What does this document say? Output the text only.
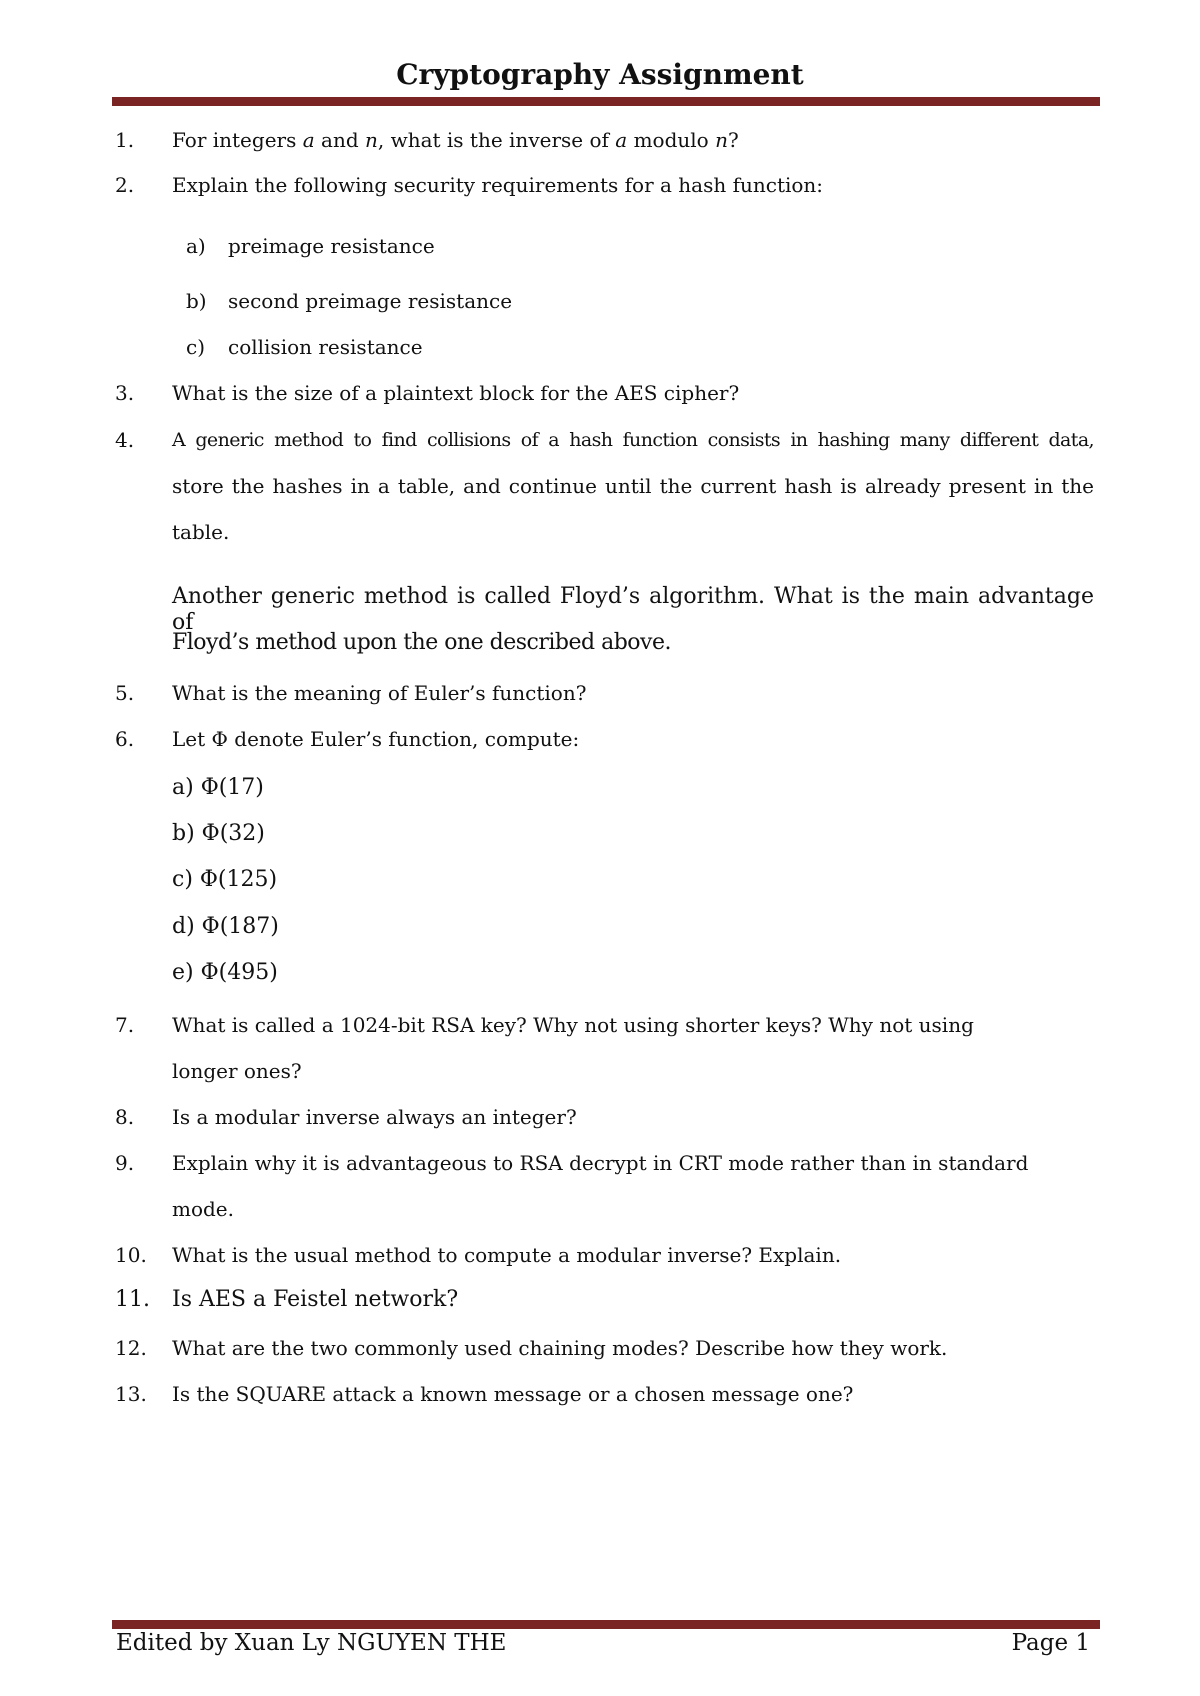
Cryptography Assignment
1. For integers a and n, what is the inverse of a modulo n?
2. Explain the following security requirements for a hash function:
a) preimage resistance
b) second preimage resistance
c) collision resistance
3. What is the size of a plaintext block for the AES cipher?
4. A generic method to find collisions of a hash function consists in hashing many different data,
store the hashes in a table, and continue until the current hash is already present in the
table.
Another generic method is called Floyd’s algorithm. What is the main advantage of
Floyd’s method upon the one described above.
5. What is the meaning of Euler’s function?
6. Let Φ denote Euler’s function, compute:
a) Φ(17)
b) Φ(32)
c) Φ(125)
d) Φ(187)
e) Φ(495)
7. What is called a 1024-bit RSA key? Why not using shorter keys? Why not using
longer ones?
8. Is a modular inverse always an integer?
9. Explain why it is advantageous to RSA decrypt in CRT mode rather than in standard
mode.
10. What is the usual method to compute a modular inverse? Explain.
11. Is AES a Feistel network?
12. What are the two commonly used chaining modes? Describe how they work.
13. Is the SQUARE attack a known message or a chosen message one?
Edited by Xuan Ly NGUYEN THE	Page 1
